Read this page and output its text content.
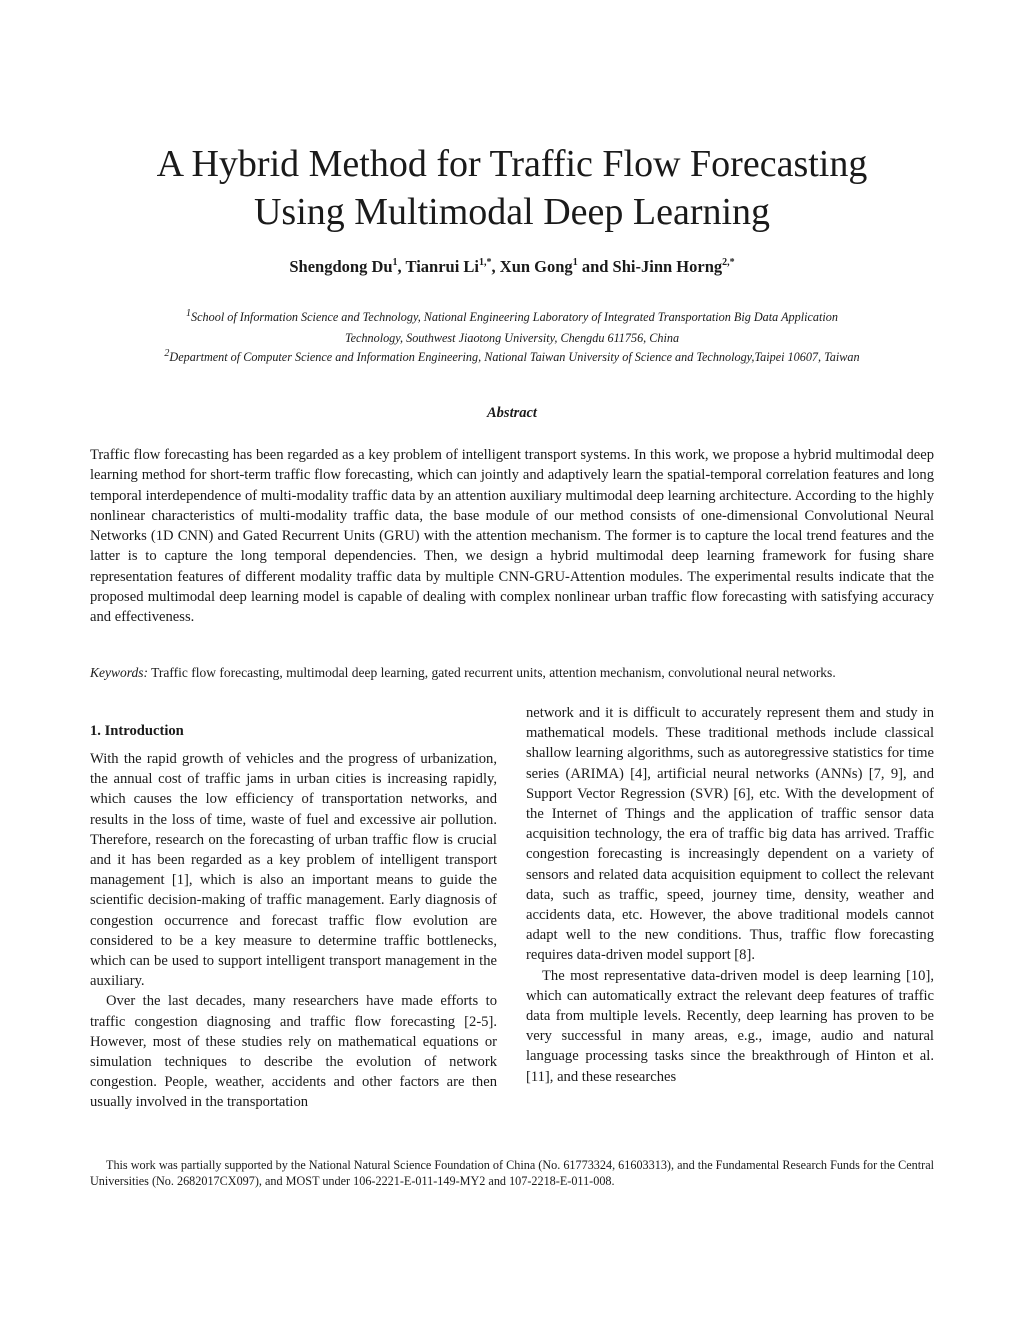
A Hybrid Method for Traffic Flow Forecasting
Using Multimodal Deep Learning
Shengdong Du$^1$, Tianrui $Li^{1,*}$, Xun Gong$^1$ and Shi-Jinn Horng$^{2,*}$
$^1$School of Information Science and Technology, National Engineering Laboratory of Integrated Transportation Big Data Application
Technology, Southwest Jiaotong University, Chengdu 611756, China
$^2$Department of Computer Science and Information Engineering, National Taiwan University of Science and Technology,Taipei 10607, Taiwan
Abstract
Traffic flow forecasting has been regarded as a key problem of intelligent transport systems. In this work, we propose a hybrid multimodal deep learning method for short-term traffic flow forecasting, which can jointly and adaptively learn the spatial-temporal correlation features and long temporal interdependence of multi-modality traffic data by an attention auxiliary multimodal deep learning architecture. According to the highly nonlinear characteristics of multi-modality traffic data, the base module of our method consists of one-dimensional Convolutional Neural Networks (1D CNN) and Gated Recurrent Units (GRU) with the attention mechanism. The former is to capture the local trend features and the latter is to capture the long temporal dependencies. Then, we design a hybrid multimodal deep learning framework for fusing share representation features of different modality traffic data by multiple CNN-GRU-Attention modules. The experimental results indicate that the proposed multimodal deep learning model is capable of dealing with complex nonlinear urban traffic flow forecasting with satisfying accuracy and effectiveness.
Keywords: Traffic flow forecasting, multimodal deep learning, gated recurrent units, attention mechanism, convolutional neural networks.
1. Introduction

With the rapid growth of vehicles and the progress of urbanization, the annual cost of traffic jams in urban cities is increasing rapidly, which causes the low efficiency of transportation networks, and results in the loss of time, waste of fuel and excessive air pollution. Therefore, research on the forecasting of urban traffic flow is crucial and it has been regarded as a key problem of intelligent transport management [1], which is also an important means to guide the scientific decision-making of traffic management. Early diagnosis of congestion occurrence and forecast traffic flow evolution are considered to be a key measure to determine traffic bottlenecks, which can be used to support intelligent transport management in the auxiliary.

Over the last decades, many researchers have made efforts to traffic congestion diagnosing and traffic flow forecasting [2-5]. However, most of these studies rely on mathematical equations or simulation techniques to describe the evolution of network congestion. People, weather, accidents and other factors are then usually involved in the transportation

network and it is difficult to accurately represent them and study in mathematical models. These traditional methods include classical shallow learning algorithms, such as autoregressive statistics for time series (ARIMA) [4], artificial neural networks (ANNs) [7, 9], and Support Vector Regression (SVR) [6], etc. With the development of the Internet of Things and the application of traffic sensor data acquisition technology, the era of traffic big data has arrived. Traffic congestion forecasting is increasingly dependent on a variety of sensors and related data acquisition equipment to collect the relevant data, such as traffic, speed, journey time, density, weather and accidents data, etc. However, the above traditional models cannot adapt well to the new conditions. Thus, traffic flow forecasting requires data-driven model support [8].

The most representative data-driven model is deep learning [10], which can automatically extract the relevant deep features of traffic data from multiple levels. Recently, deep learning has proven to be very successful in many areas, e.g., image, audio and natural language processing tasks since the breakthrough of Hinton et al. [11], and these researches

This work was partially supported by the National Natural Science Foundation of China (No. 61773324, 61603313), and the Fundamental Research Funds for the Central Universities (No. 2682017CX097), and MOST under 106-2221-E-011-149-MY2 and 107-2218-E-011-008.
